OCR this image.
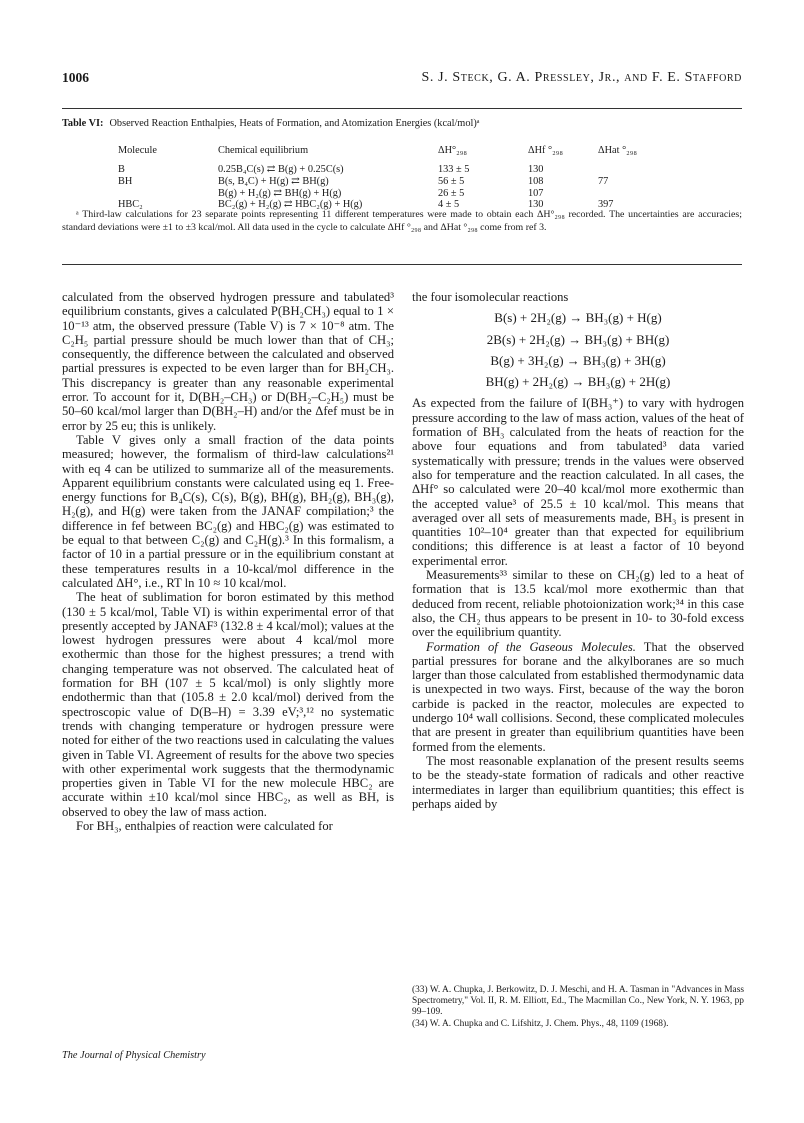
1006	S. J. Steck, G. A. Pressley, Jr., and F. E. Stafford
Table VI: Observed Reaction Enthalpies, Heats of Formation, and Atomization Energies (kcal/mol)ᵃ
Molecule	Chemical equilibrium	ΔH°₂₉₈	ΔHf °₂₉₈	ΔHat °₂₉₈
B	0.25B₄C(s) ⇄ B(g) + 0.25C(s)	133 ± 5	130	
BH	B(s, B₄C) + H(g) ⇄ BH(g)	56 ± 5	108	77
	B(g) + H₂(g) ⇄ BH(g) + H(g)	26 ± 5	107	
HBC₂	BC₂(g) + H₂(g) ⇄ HBC₂(g) + H(g)	4 ± 5	130	397
ᵃ Third-law calculations for 23 separate points representing 11 different temperatures were made to obtain each ΔH°₂₉₈ recorded. The uncertainties are accuracies; standard deviations were ±1 to ±3 kcal/mol. All data used in the cycle to calculate ΔHf °₂₉₈ and ΔHat °₂₉₈ come from ref 3.

calculated from the observed hydrogen pressure and tabulated³ equilibrium constants, gives a calculated P(BH₂CH₃) equal to 1 × 10⁻¹³ atm, the observed pressure (Table V) is 7 × 10⁻⁸ atm. The C₂H₅ partial pressure should be much lower than that of CH₃; consequently, the difference between the calculated and observed partial pressures is expected to be even larger than for BH₂CH₃. This discrepancy is greater than any reasonable experimental error. To account for it, D(BH₂–CH₃) or D(BH₂–C₂H₅) must be 50–60 kcal/mol larger than D(BH₂–H) and/or the Δfef must be in error by 25 eu; this is unlikely.

Table V gives only a small fraction of the data points measured; however, the formalism of third-law calculations²¹ with eq 4 can be utilized to summarize all of the measurements. Apparent equilibrium constants were calculated using eq 1. Free-energy functions for B₄C(s), C(s), B(g), BH(g), BH₂(g), BH₃(g), H₂(g), and H(g) were taken from the JANAF compilation;³ the difference in fef between BC₂(g) and HBC₂(g) was estimated to be equal to that between C₂(g) and C₂H(g).³ In this formalism, a factor of 10 in a partial pressure or in the equilibrium constant at these temperatures results in a 10-kcal/mol difference in the calculated ΔH°, i.e., RT ln 10 ≈ 10 kcal/mol.

The heat of sublimation for boron estimated by this method (130 ± 5 kcal/mol, Table VI) is within experimental error of that presently accepted by JANAF³ (132.8 ± 4 kcal/mol); values at the lowest hydrogen pressures were about 4 kcal/mol more exothermic than those for the highest pressures; a trend with changing temperature was not observed. The calculated heat of formation for BH (107 ± 5 kcal/mol) is only slightly more endothermic than that (105.8 ± 2.0 kcal/mol) derived from the spectroscopic value of D(B–H) = 3.39 eV;³,¹² no systematic trends with changing temperature or hydrogen pressure were noted for either of the two reactions used in calculating the values given in Table VI. Agreement of results for the above two species with other experimental work suggests that the thermodynamic properties given in Table VI for the new molecule HBC₂ are accurate within ±10 kcal/mol since HBC₂, as well as BH, is observed to obey the law of mass action.

For BH₃, enthalpies of reaction were calculated for

the four isomolecular reactions

B(s) + 2H₂(g) → BH₃(g) + H(g)
2B(s) + 2H₂(g) → BH₃(g) + BH(g)
B(g) + 3H₂(g) → BH₃(g) + 3H(g)
BH(g) + 2H₂(g) → BH₃(g) + 2H(g)

As expected from the failure of I(BH₃⁺) to vary with hydrogen pressure according to the law of mass action, values of the heat of formation of BH₃ calculated from the heats of reaction for the above four equations and from tabulated³ data varied systematically with pressure; trends in the values were observed also for temperature and the reaction calculated. In all cases, the ΔHf° so calculated were 20–40 kcal/mol more exothermic than the accepted value³ of 25.5 ± 10 kcal/mol. This means that averaged over all sets of measurements made, BH₃ is present in quantities 10²–10⁴ greater than that expected for equilibrium conditions; this difference is at least a factor of 10 beyond experimental error.

Measurements³³ similar to these on CH₂(g) led to a heat of formation that is 13.5 kcal/mol more exothermic than that deduced from recent, reliable photoionization work;³⁴ in this case also, the CH₂ thus appears to be present in 10- to 30-fold excess over the equilibrium quantity.

Formation of the Gaseous Molecules. That the observed partial pressures for borane and the alkylboranes are so much larger than those calculated from established thermodynamic data is unexpected in two ways. First, because of the way the boron carbide is packed in the reactor, molecules are expected to undergo 10⁴ wall collisions. Second, these complicated molecules that are present in greater than equilibrium quantities have been formed from the elements.

The most reasonable explanation of the present results seems to be the steady-state formation of radicals and other reactive intermediates in larger than equilibrium quantities; this effect is perhaps aided by

(33) W. A. Chupka, J. Berkowitz, D. J. Meschi, and H. A. Tasman in "Advances in Mass Spectrometry," Vol. II, R. M. Elliott, Ed., The Macmillan Co., New York, N. Y. 1963, pp 99–109.
(34) W. A. Chupka and C. Lifshitz, J. Chem. Phys., 48, 1109 (1968).
The Journal of Physical Chemistry
